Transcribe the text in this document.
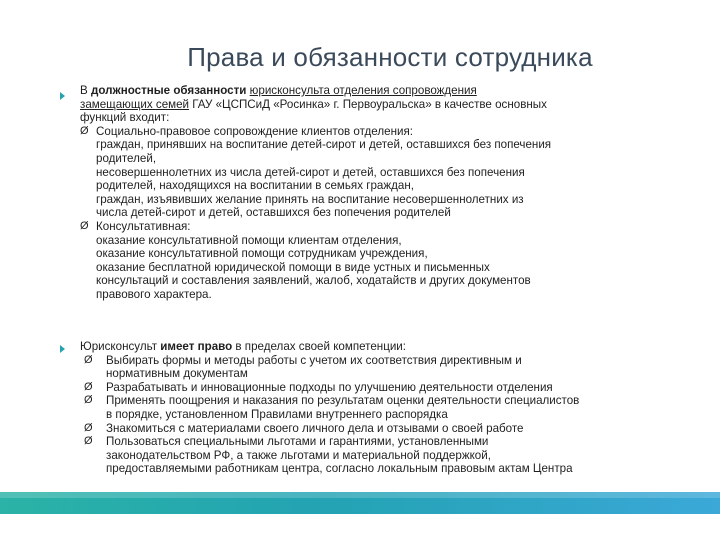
Права и обязанности сотрудника
В должностные обязанности юрисконсульта отделения сопровождения
замещающих семей ГАУ «ЦСПСиД «Росинка» г. Первоуральска» в качестве основных
функций входит:
Ø Социально-правовое сопровождение клиентов отделения:
граждан, принявших на воспитание детей-сирот и детей, оставшихся без попечения
родителей,
несовершеннолетних из числа детей-сирот и детей, оставшихся без попечения
родителей, находящихся на воспитании в семьях граждан,
граждан, изъявивших желание принять на воспитание несовершеннолетних из
числа детей-сирот и детей, оставшихся без попечения родителей
Ø Консультативная:
оказание консультативной помощи клиентам отделения,
оказание консультативной помощи сотрудникам учреждения,
оказание бесплатной юридической помощи в виде устных и письменных
консультаций и составления заявлений, жалоб, ходатайств и других документов
правового характера.
Юрисконсульт имеет право в пределах своей компетенции:
Ø	Выбирать формы и методы работы с учетом их соответствия директивным и
нормативным документам
Ø	Разрабатывать и инновационные подходы по улучшению деятельности отделения
Ø	Применять поощрения и наказания по результатам оценки деятельности специалистов
в порядке, установленном Правилами внутреннего распорядка
Ø	Знакомиться с материалами своего личного дела и отзывами о своей работе
Ø	Пользоваться специальными льготами и гарантиями, установленными
законодательством РФ, а также льготами и материальной поддержкой,
предоставляемыми работникам центра, согласно локальным правовым актам Центра
